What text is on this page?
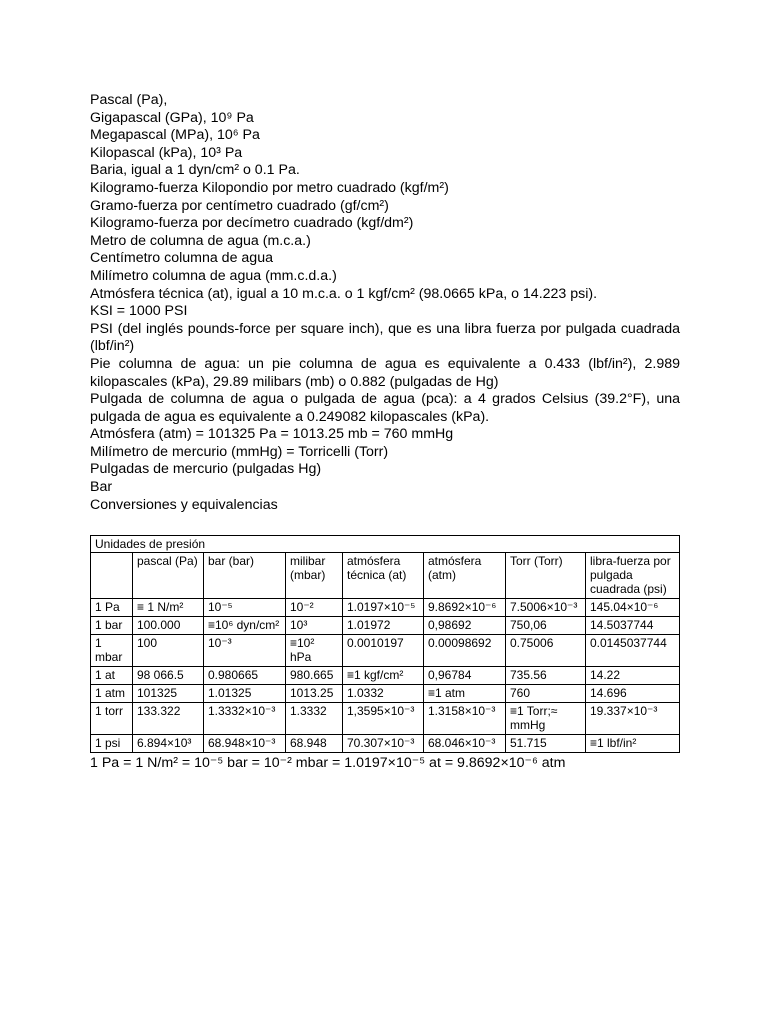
Pascal (Pa),
Gigapascal (GPa), 10⁹ Pa
Megapascal (MPa), 10⁶ Pa
Kilopascal (kPa), 10³ Pa
Baria, igual a 1 dyn/cm² o 0.1 Pa.
Kilogramo-fuerza Kilopondio por metro cuadrado (kgf/m²)
Gramo-fuerza por centímetro cuadrado (gf/cm²)
Kilogramo-fuerza por decímetro cuadrado (kgf/dm²)
Metro de columna de agua (m.c.a.)
Centímetro columna de agua
Milímetro columna de agua (mm.c.d.a.)
Atmósfera técnica (at), igual a 10 m.c.a. o 1 kgf/cm² (98.0665 kPa, o 14.223 psi).
KSI = 1000 PSI
PSI (del inglés pounds-force per square inch), que es una libra fuerza por pulgada cuadrada (lbf/in²)
Pie columna de agua: un pie columna de agua es equivalente a 0.433 (lbf/in²), 2.989 kilopascales (kPa), 29.89 milibars (mb) o 0.882 (pulgadas de Hg)
Pulgada de columna de agua o pulgada de agua (pca): a 4 grados Celsius (39.2°F), una pulgada de agua es equivalente a 0.249082 kilopascales (kPa).
Atmósfera (atm) = 101325 Pa = 1013.25 mb = 760 mmHg
Milímetro de mercurio (mmHg) = Torricelli (Torr)
Pulgadas de mercurio (pulgadas Hg)
Bar
Conversiones y equivalencias
Unidades de presión							
	pascal (Pa)	bar (bar)	milibar (mbar)	atmósfera técnica (at)	atmósfera (atm)	Torr (Torr)	libra-fuerza por pulgada cuadrada (psi)
1 Pa	≡ 1 N/m²	10⁻⁵	10⁻²	1.0197×10⁻⁵	9.8692×10⁻⁶	7.5006×10⁻³	145.04×10⁻⁶
1 bar	100.000	≡10⁶ dyn/cm²	10³	1.01972	0,98692	750,06	14.5037744
1 mbar	100	10⁻³	≡10² hPa	0.0010197	0.00098692	0.75006	0.0145037744
1 at	98 066.5	0.980665	980.665	≡1 kgf/cm²	0,96784	735.56	14.22
1 atm	101325	1.01325	1013.25	1.0332	≡1 atm	760	14.696
1 torr	133.322	1.3332×10⁻³	1.3332	1,3595×10⁻³	1.3158×10⁻³	≡1 Torr;≈ mmHg	19.337×10⁻³
1 psi	6.894×10³	68.948×10⁻³	68.948	70.307×10⁻³	68.046×10⁻³	51.715	≡1 lbf/in²
1 Pa = 1 N/m² = 10⁻⁵ bar = 10⁻² mbar = 1.0197×10⁻⁵ at = 9.8692×10⁻⁶ atm
